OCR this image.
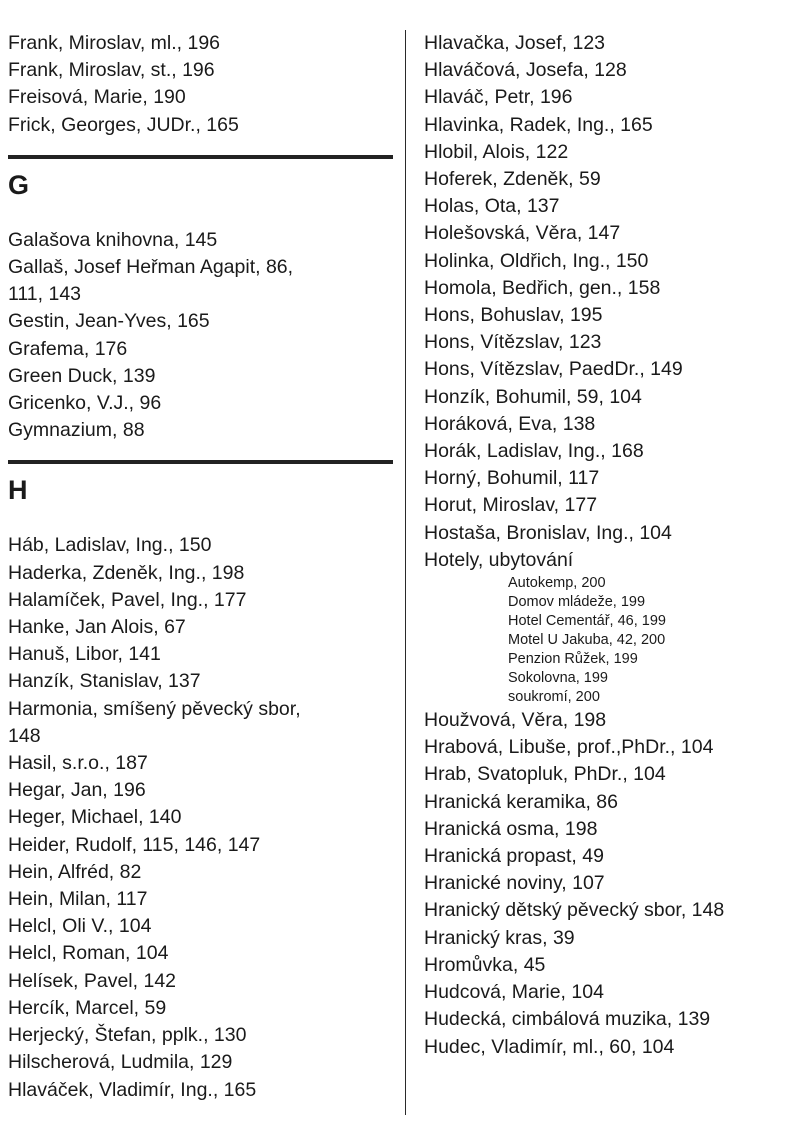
Frank, Miroslav, ml., 196
Frank, Miroslav, st., 196
Freisová, Marie, 190
Frick, Georges, JUDr., 165
G
Galašova knihovna, 145
Gallaš, Josef Heřman Agapit, 86,
111, 143
Gestin, Jean-Yves, 165
Grafema, 176
Green Duck, 139
Gricenko, V.J., 96
Gymnazium, 88
H
Háb, Ladislav, Ing., 150
Haderka, Zdeněk, Ing., 198
Halamíček, Pavel, Ing., 177
Hanke, Jan Alois, 67
Hanuš, Libor, 141
Hanzík, Stanislav, 137
Harmonia, smíšený pěvecký sbor,
148
Hasil, s.r.o., 187
Hegar, Jan, 196
Heger, Michael, 140
Heider, Rudolf, 115, 146, 147
Hein, Alfréd, 82
Hein, Milan, 117
Helcl, Oli V., 104
Helcl, Roman, 104
Helísek, Pavel, 142
Hercík, Marcel, 59
Herjecký, Štefan, pplk., 130
Hilscherová, Ludmila, 129
Hlaváček, Vladimír, Ing., 165
Hlavačka, Josef, 123
Hlaváčová, Josefa, 128
Hlaváč, Petr, 196
Hlavinka, Radek, Ing., 165
Hlobil, Alois, 122
Hoferek, Zdeněk, 59
Holas, Ota, 137
Holešovská, Věra, 147
Holinka, Oldřich, Ing., 150
Homola, Bedřich, gen., 158
Hons, Bohuslav, 195
Hons, Vítězslav, 123
Hons, Vítězslav, PaedDr., 149
Honzík, Bohumil, 59, 104
Horáková, Eva, 138
Horák, Ladislav, Ing., 168
Horný, Bohumil, 117
Horut, Miroslav, 177
Hostaša, Bronislav, Ing., 104
Hotely, ubytování
Autokemp, 200
Domov mládeže, 199
Hotel Cementář, 46, 199
Motel U Jakuba, 42, 200
Penzion Růžek, 199
Sokolovna, 199
soukromí, 200
Houžvová, Věra, 198
Hrabová, Libuše, prof.,PhDr., 104
Hrab, Svatopluk, PhDr., 104
Hranická keramika, 86
Hranická osma, 198
Hranická propast, 49
Hranické noviny, 107
Hranický dětský pěvecký sbor, 148
Hranický kras, 39
Hromůvka, 45
Hudcová, Marie, 104
Hudecká, cimbálová muzika, 139
Hudec, Vladimír, ml., 60, 104
